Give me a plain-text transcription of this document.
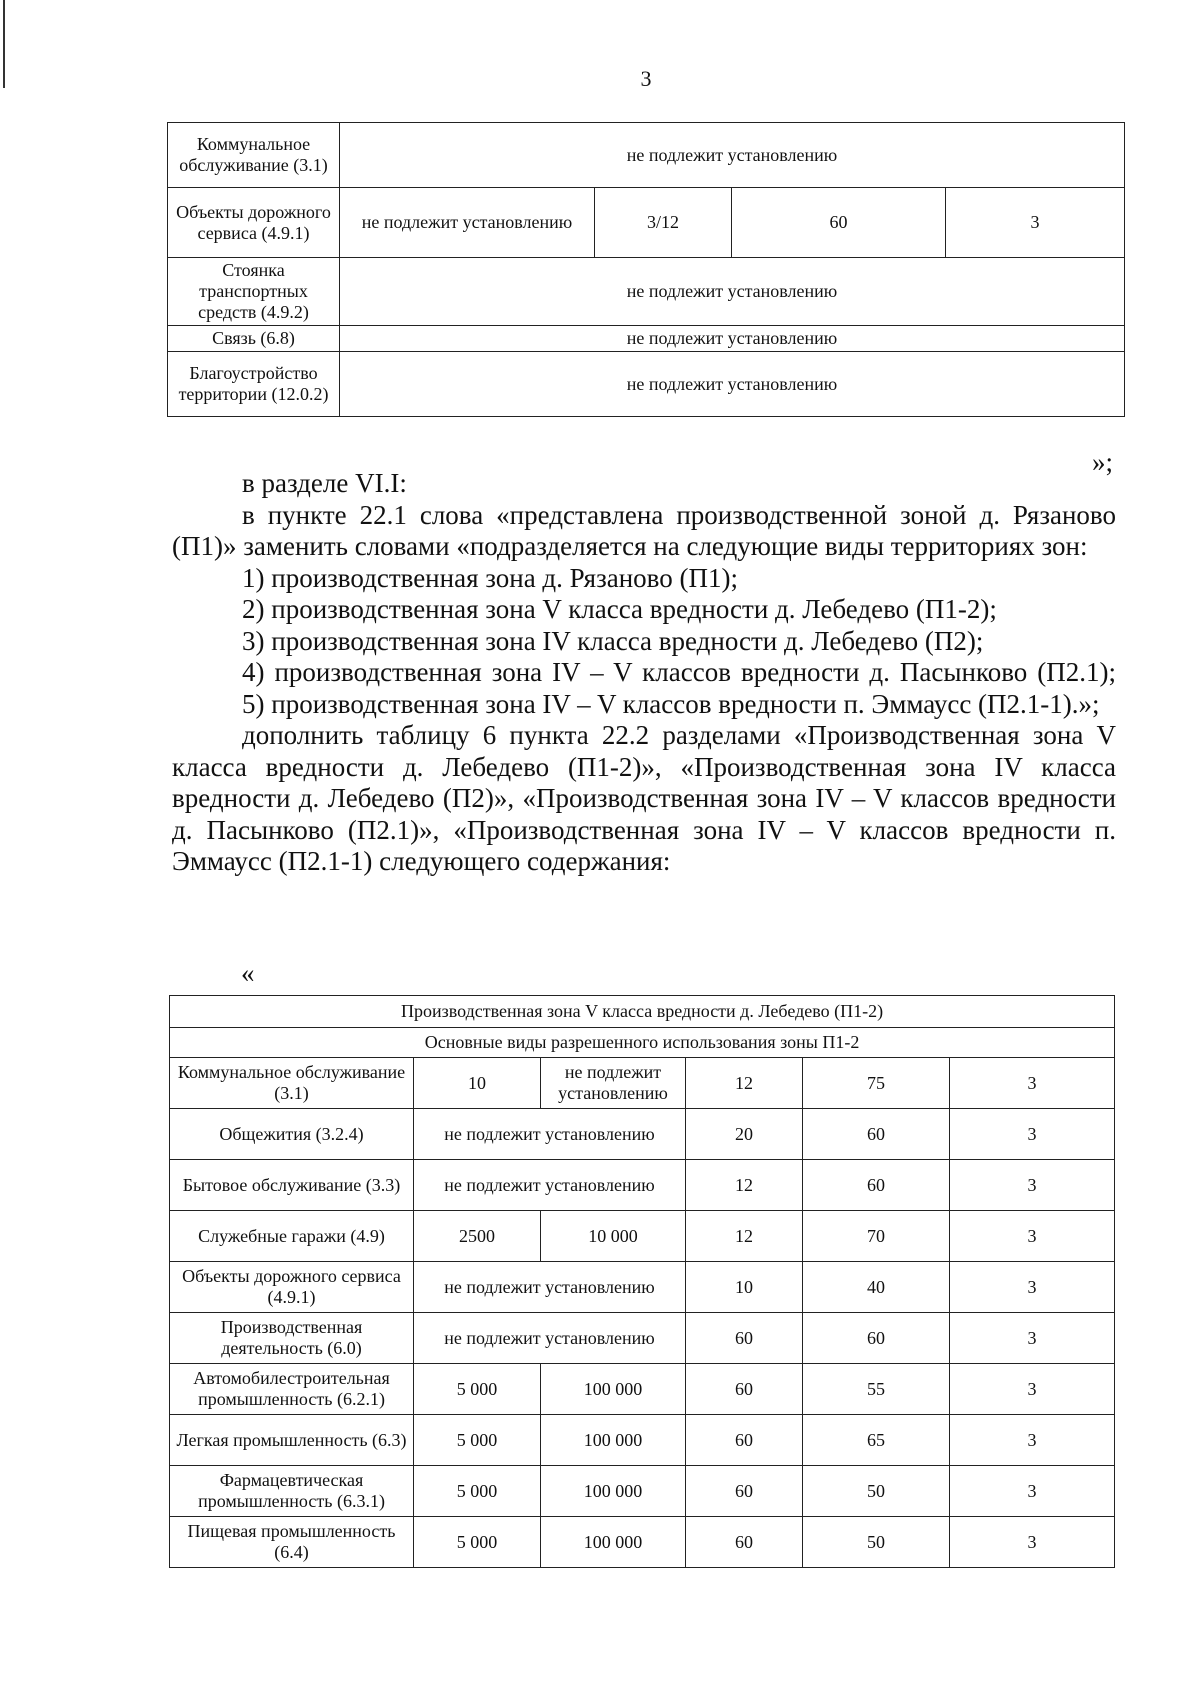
3
Коммунальное обслуживание (3.1)	не подлежит установлению			
Объекты дорожного сервиса (4.9.1)	не подлежит установлению	3/12	60	3
Стоянка транспортных средств (4.9.2)	не подлежит установлению			
Связь (6.8)	не подлежит установлению			
Благоустройство территории (12.0.2)	не подлежит установлению			
»;

в разделе VI.I:

в пункте 22.1 слова «представлена производственной зоной д. Рязаново (П1)» заменить словами «подразделяется на следующие виды территориях зон:

1) производственная зона д. Рязаново (П1);

2) производственная зона V класса вредности д. Лебедево (П1-2);

3) производственная зона IV класса вредности д. Лебедево (П2);

4) производственная зона IV – V классов вредности д. Пасынково (П2.1);

5) производственная зона IV – V классов вредности п. Эммаусс (П2.1-1).»;

дополнить таблицу 6 пункта 22.2 разделами «Производственная зона V класса вредности д. Лебедево (П1-2)», «Производственная зона IV класса вредности д. Лебедево (П2)», «Производственная зона IV – V классов вредности д. Пасынково (П2.1)», «Производственная зона IV – V классов вредности п. Эммаусс (П2.1-1) следующего содержания:

«
Производственная зона V класса вредности д. Лебедево (П1-2)					
Основные виды разрешенного использования зоны П1-2					
Коммунальное обслуживание (3.1)	10	не подлежит установлению	12	75	3
Общежития (3.2.4)	не подлежит установлению		20	60	3
Бытовое обслуживание (3.3)	не подлежит установлению		12	60	3
Служебные гаражи (4.9)	2500	10 000	12	70	3
Объекты дорожного сервиса (4.9.1)	не подлежит установлению		10	40	3
Производственная деятельность (6.0)	не подлежит установлению		60	60	3
Автомобилестроительная промышленность (6.2.1)	5 000	100 000	60	55	3
Легкая промышленность (6.3)	5 000	100 000	60	65	3
Фармацевтическая промышленность (6.3.1)	5 000	100 000	60	50	3
Пищевая промышленность (6.4)	5 000	100 000	60	50	3
